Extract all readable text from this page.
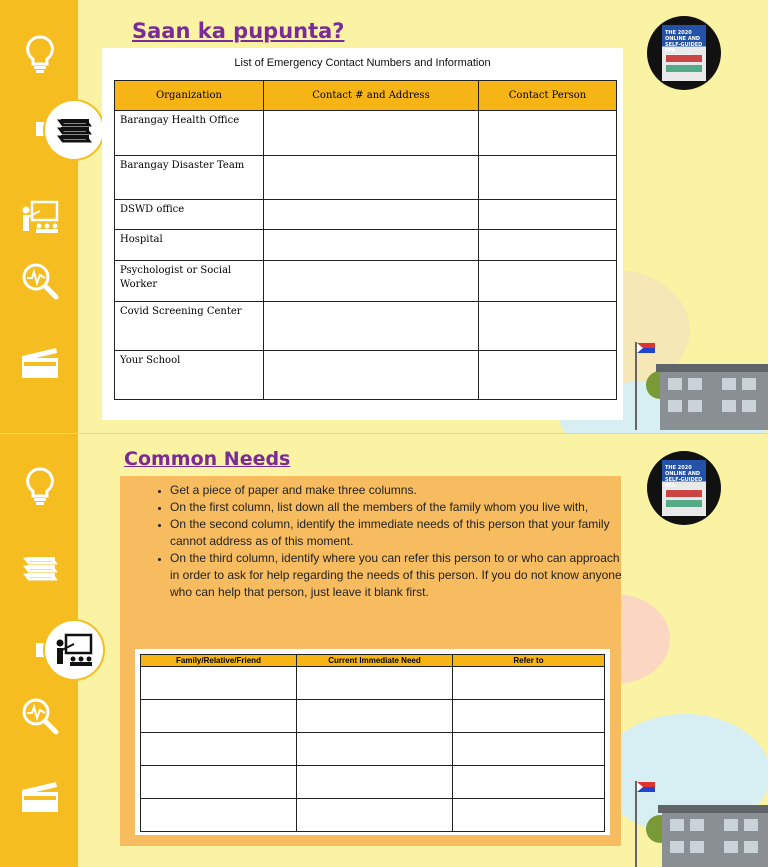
Saan ka pupunta?	THE 2020 ONLINE AND SELF-GUIDED PFA
List of Emergency Contact Numbers and Information
Organization	Contact # and Address	Contact Person
Barangay Health Office		
Barangay Disaster Team		
DSWD office		
Hospital		
Psychologist or Social Worker		
Covid Screening Center		
Your School		
Common Needs	THE 2020 ONLINE AND SELF-GUIDED PFA
• Get a piece of paper and make three columns.
• On the first column, list down all the members of the family whom you live with,
• On the second column, identify the immediate needs of this person that your family cannot address as of this moment.
• On the third column, identify where you can refer this person to or who can approach in order to ask for help regarding the needs of this person. If you do not know anyone who can help that person, just leave it blank first.
Family/Relative/Friend	Current Immediate Need	Refer to
